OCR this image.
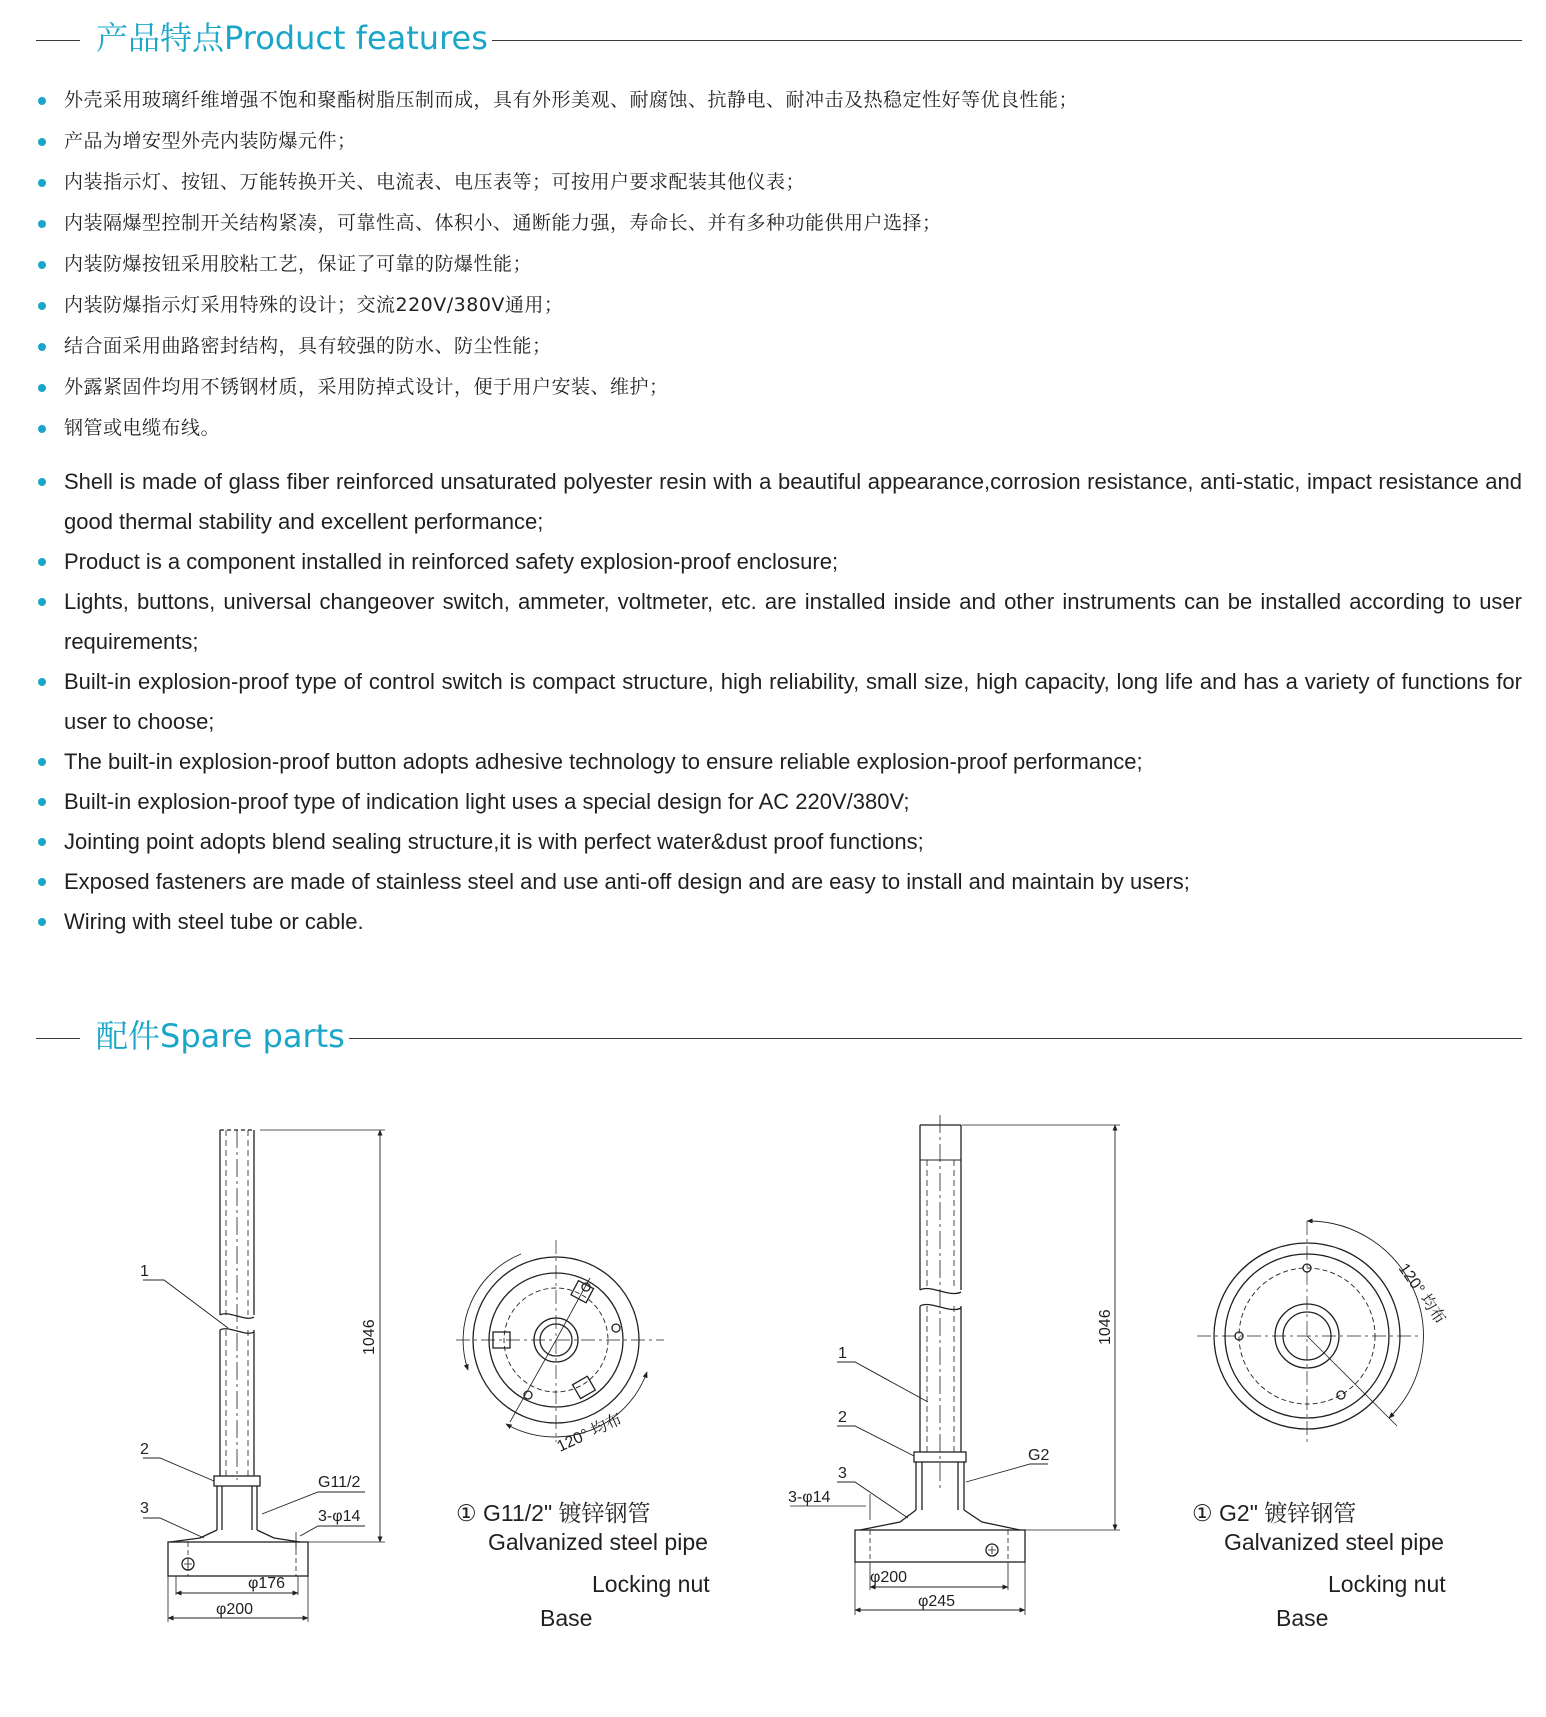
产品特点Product features
外壳采用玻璃纤维增强不饱和聚酯树脂压制而成，具有外形美观、耐腐蚀、抗静电、耐冲击及热稳定性好等优良性能；
产品为增安型外壳内装防爆元件；
内装指示灯、按钮、万能转换开关、电流表、电压表等；可按用户要求配装其他仪表；
内装隔爆型控制开关结构紧凑，可靠性高、体积小、通断能力强，寿命长、并有多种功能供用户选择；
内装防爆按钮采用胶粘工艺，保证了可靠的防爆性能；
内装防爆指示灯采用特殊的设计；交流220V/380V通用；
结合面采用曲路密封结构，具有较强的防水、防尘性能；
外露紧固件均用不锈钢材质，采用防掉式设计，便于用户安装、维护；
钢管或电缆布线。
Shell is made of glass fiber reinforced unsaturated polyester resin with a beautiful appearance,corrosion resistance, anti-static, impact resistance and good thermal stability and excellent performance;
Product is a component installed in reinforced safety explosion-proof enclosure;
Lights, buttons, universal changeover switch, ammeter, voltmeter, etc. are installed inside and other instruments can be installed according to user requirements;
Built-in explosion-proof type of control switch is compact structure, high reliability, small size, high capacity, long life and has a variety of functions for user to choose;
The built-in explosion-proof button adopts adhesive technology to ensure reliable explosion-proof performance;
Built-in explosion-proof type of indication light uses a special design for AC 220V/380V;
Jointing point adopts blend sealing structure,it is with perfect water&dust proof functions;
Exposed fasteners are made of stainless steel and use anti-off design and are easy to install and maintain by users;
Wiring with steel tube or cable.
配件Spare parts
1
2
3
G11/2
3-φ14
φ176
φ200
1046
120° 均布
1
2
3
G2
3-φ14
φ200
φ245
1046	120° 均布
① G11/2" 镀锌钢管
Galvanized steel pipe
Locking nut
Base
① G2" 镀锌钢管
Galvanized steel pipe
Locking nut
Base
